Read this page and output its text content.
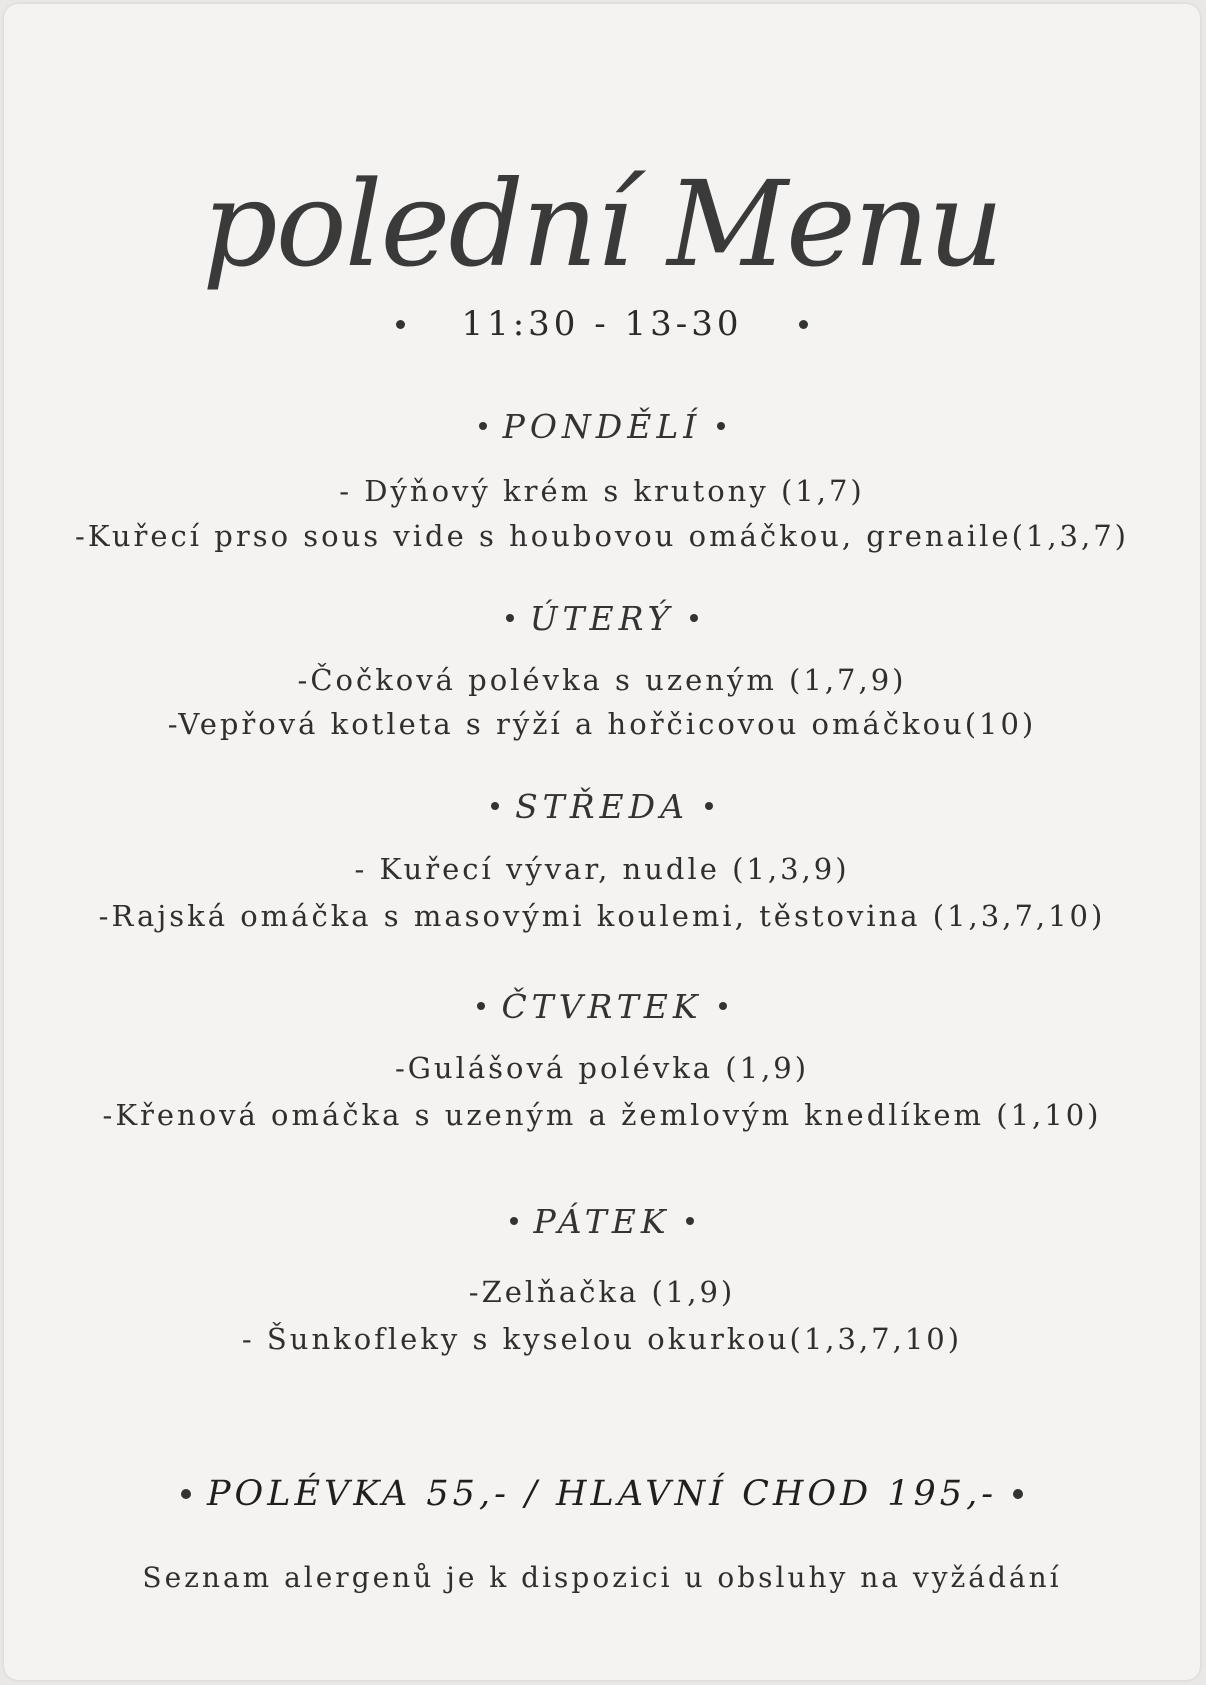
polední Menu
11:30 - 13-30
PONDĚLÍ
- Dýňový krém s krutony (1,7)
-Kuřecí prso sous vide s houbovou omáčkou, grenaile(1,3,7)
ÚTERÝ
-Čočková polévka s uzeným (1,7,9)
-Vepřová kotleta s rýží a hořčicovou omáčkou(10)
STŘEDA
- Kuřecí vývar, nudle (1,3,9)
-Rajská omáčka s masovými koulemi, těstovina (1,3,7,10)
ČTVRTEK
-Gulášová polévka (1,9)
-Křenová omáčka s uzeným a žemlovým knedlíkem (1,10)
PÁTEK
-Zelňačka (1,9)
- Šunkofleky s kyselou okurkou(1,3,7,10)
POLÉVKA 55,- / HLAVNÍ CHOD 195,-
Seznam alergenů je k dispozici u obsluhy na vyžádání
